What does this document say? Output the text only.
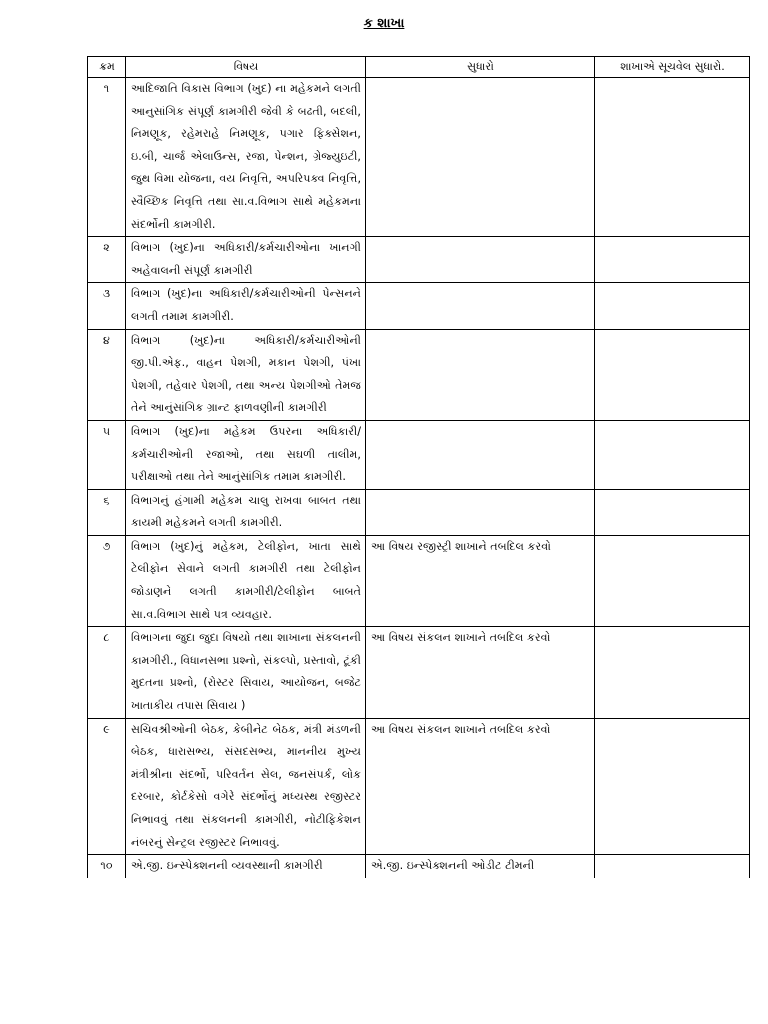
ક શાખા
ક્રમ	વિષય	સુધારો	શાખાએ સૂચવેલ સુધારો.
૧	આદિજાતિ વિકાસ વિભાગ (ખુદ) ના મહેકમને લગતી આનુસાંગિક સંપૂર્ણ કામગીરી જેવી કે બઢતી, બદલી, નિમણૂક, રહેમરાહે નિમણૂક, પગાર ફિક્સેશન, ઇ.બી, ચાર્જ એલાઉન્સ, રજા, પેન્શન, ગ્રેજ્યુઇટી, જુથ વિમા યોજના, વય નિવૃત્તિ, અપરિપક્વ નિવૃત્તિ, સ્વૈચ્છિક નિવૃત્તિ તથા સા.વ.વિભાગ સાથે મહેકમના સંદર્ભોની કામગીરી.		
૨	વિભાગ (ખુદ)ના અધિકારી/કર્મચારીઓના ખાનગી અહેવાલની સંપૂર્ણ કામગીરી		
૩	વિભાગ (ખુદ)ના અધિકારી/કર્મચારીઓની પેન્સનને લગતી તમામ કામગીરી.		
૪	વિભાગ (ખુદ)ના અધિકારી/કર્મચારીઓની જી.પી.એફ., વાહન પેશગી, મકાન પેશગી, પંખા પેશગી, તહેવાર પેશગી, તથા અન્ય પેશગીઓ તેમજ તેને આનુંસાંગિક ગ્રાન્ટ ફાળવણીની કામગીરી		
૫	વિભાગ (ખુદ)ના મહેકમ ઉપરના અધિકારી/ કર્મચારીઓની રજાઓ, તથા સઘળી તાલીમ, પરીક્ષાઓ તથા તેને આનુંસાંગિક તમામ કામગીરી.		
૬	વિભાગનું હંગામી મહેકમ ચાલુ રાખવા બાબત તથા કાયમી મહેકમને લગતી કામગીરી.		
૭	વિભાગ (ખુદ)નું મહેકમ, ટેલીફોન, ખાતા સાથે ટેલીફોન સેવાને લગતી કામગીરી તથા ટેલીફોન જોડાણને લગતી કામગીરી/ટેલીફોન બાબતે સા.વ.વિભાગ સાથે પત્ર વ્યવહાર.	આ વિષય રજીસ્ટ્રી શાખાને તબદિલ કરવો	
૮	વિભાગના જુદા જુદા વિષયો તથા શાખાના સંકલનની કામગીરી., વિધાનસભા પ્રશ્નો, સંકલ્પો, પ્રસ્તાવો, ટૂંકી મુદતના પ્રશ્નો, (રોસ્ટર સિવાય, આયોજન, બજેટ ખાતાકીય તપાસ સિવાય )	આ વિષય સંકલન શાખાને તબદિલ કરવો	
૯	સચિવશ્રીઓની બેઠક, કેબીનેટ બેઠક, મંત્રી મંડળની બેઠક, ધારાસભ્ય, સંસદસભ્ય, માનનીય મુખ્ય મંત્રીશ્રીના સંદર્ભો, પરિવર્તન સેલ, જનસંપર્ક, લોક દરબાર, કોર્ટકેસો વગેરે સંદર્ભોનું મધ્યસ્થ રજીસ્ટર નિભાવવું તથા સંકલનની કામગીરી, નોટીફિકેશન નંબરનું સેન્ટ્રલ રજીસ્ટર નિભાવવું.	આ વિષય સંકલન શાખાને તબદિલ કરવો	
૧૦	એ.જી. ઇન્સ્પેક્શનની વ્યવસ્થાની કામગીરી	એ.જી. ઇન્સ્પેક્શનની ઓડીટ ટીમની	
